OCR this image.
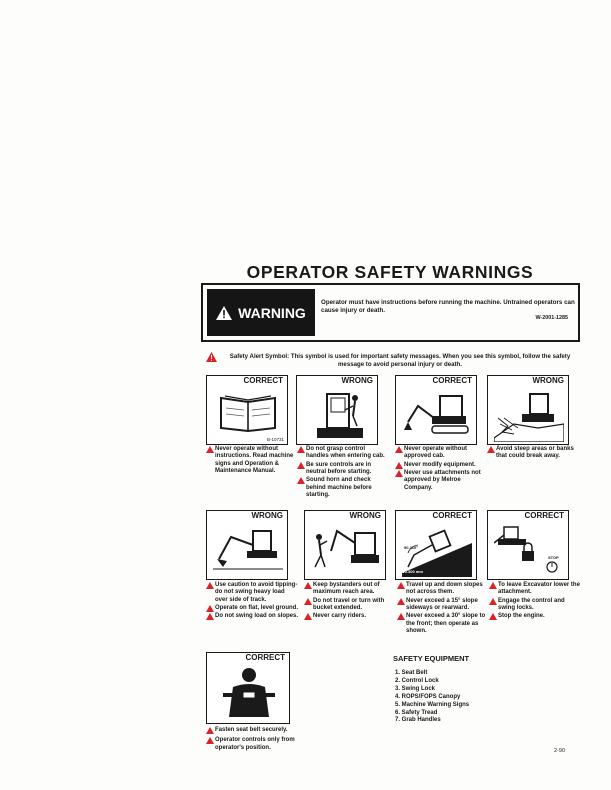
OPERATOR SAFETY WARNINGS
WARNING
Operator must have instructions before running the machine. Untrained operators can cause injury or death.
W-2001-1285
Safety Alert Symbol: This symbol is used for important safety messages. When you see this symbol, follow the safety message to avoid personal injury or death.
CORRECT
B-10731
Never operate without instructions. Read machine signs and Operation & Maintenance Manual.
WRONG
Do not grasp control handles when entering cab.
Be sure controls are in neutral before starting.
Sound horn and check behind machine before starting.
CORRECT
Never operate without approved cab.
Never modify equipment.
Never use attachments not approved by Melroe Company.
WRONG
Avoid steep areas or banks that could break away.
WRONG
Use caution to avoid tipping-do not swing heavy load over side of track.
Operate on flat, level ground.
Do not swing load on slopes.
WRONG
Keep bystanders out of maximum reach area.
Do not travel or turn with bucket extended.
Never carry riders.
CORRECT
90-110°
300-300 mm
Travel up and down slopes not across them.
Never exceed a 15° slope sideways or rearward.
Never exceed a 30° slope to the front; then operate as shown.
CORRECT
STOP
To leave Excavator lower the attachment.
Engage the control and swing locks.
Stop the engine.
CORRECT
Fasten seat belt securely.
Operator controls only from operator's position.
SAFETY EQUIPMENT
1. Seat Belt
2. Control Lock
3. Swing Lock
4. ROPS/FOPS Canopy
5. Machine Warning Signs
6. Safety Tread
7. Grab Handles
2-90
